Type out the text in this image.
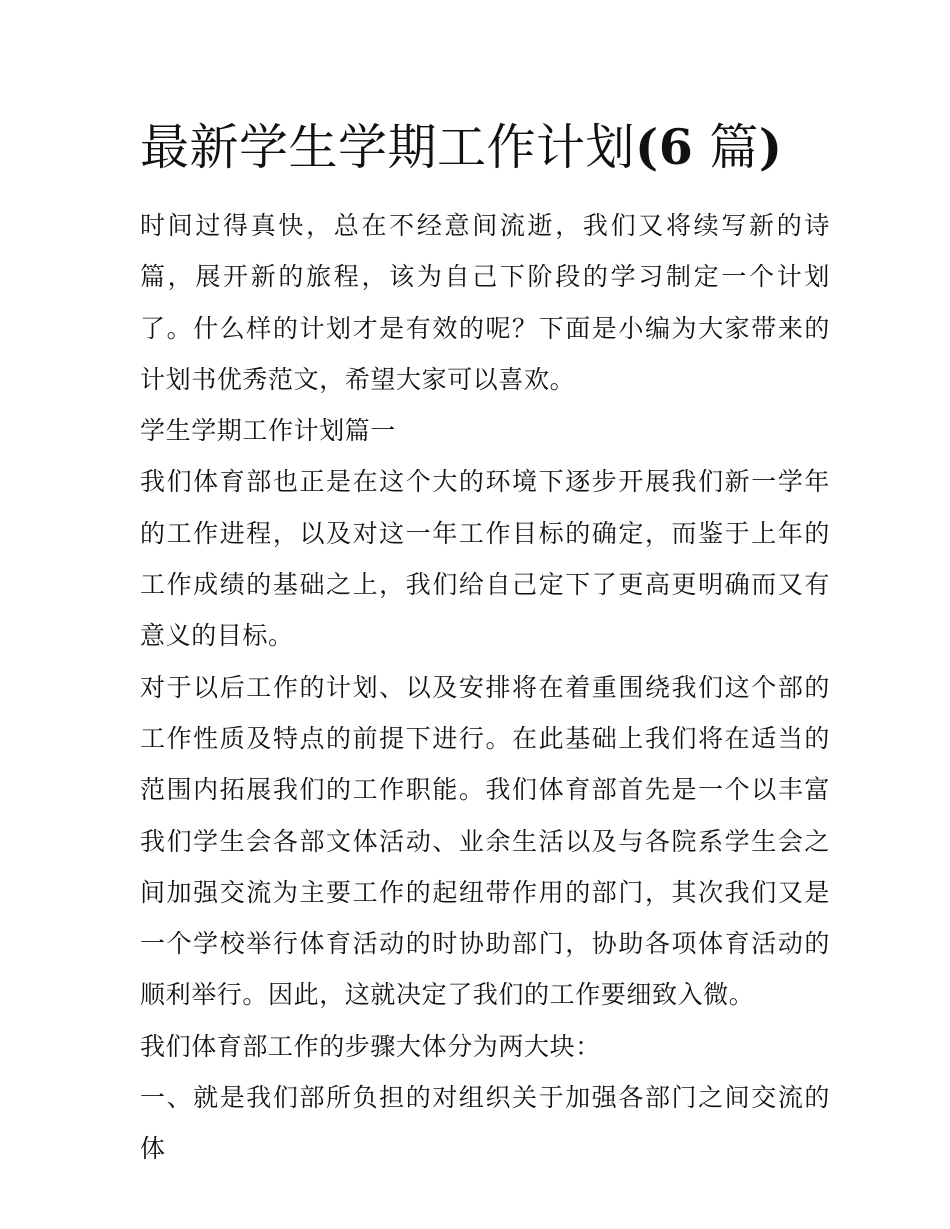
最新学生学期工作计划(6 篇)

时间过得真快，总在不经意间流逝，我们又将续写新的诗篇，展开新的旅程，该为自己下阶段的学习制定一个计划了。什么样的计划才是有效的呢？下面是小编为大家带来的计划书优秀范文，希望大家可以喜欢。

学生学期工作计划篇一

我们体育部也正是在这个大的环境下逐步开展我们新一学年的工作进程，以及对这一年工作目标的确定，而鉴于上年的工作成绩的基础之上，我们给自己定下了更高更明确而又有意义的目标。

对于以后工作的计划、以及安排将在着重围绕我们这个部的工作性质及特点的前提下进行。在此基础上我们将在适当的范围内拓展我们的工作职能。我们体育部首先是一个以丰富我们学生会各部文体活动、业余生活以及与各院系学生会之间加强交流为主要工作的起纽带作用的部门，其次我们又是一个学校举行体育活动的时协助部门，协助各项体育活动的顺利举行。因此，这就决定了我们的工作要细致入微。

我们体育部工作的步骤大体分为两大块：

一、就是我们部所负担的对组织关于加强各部门之间交流的体
